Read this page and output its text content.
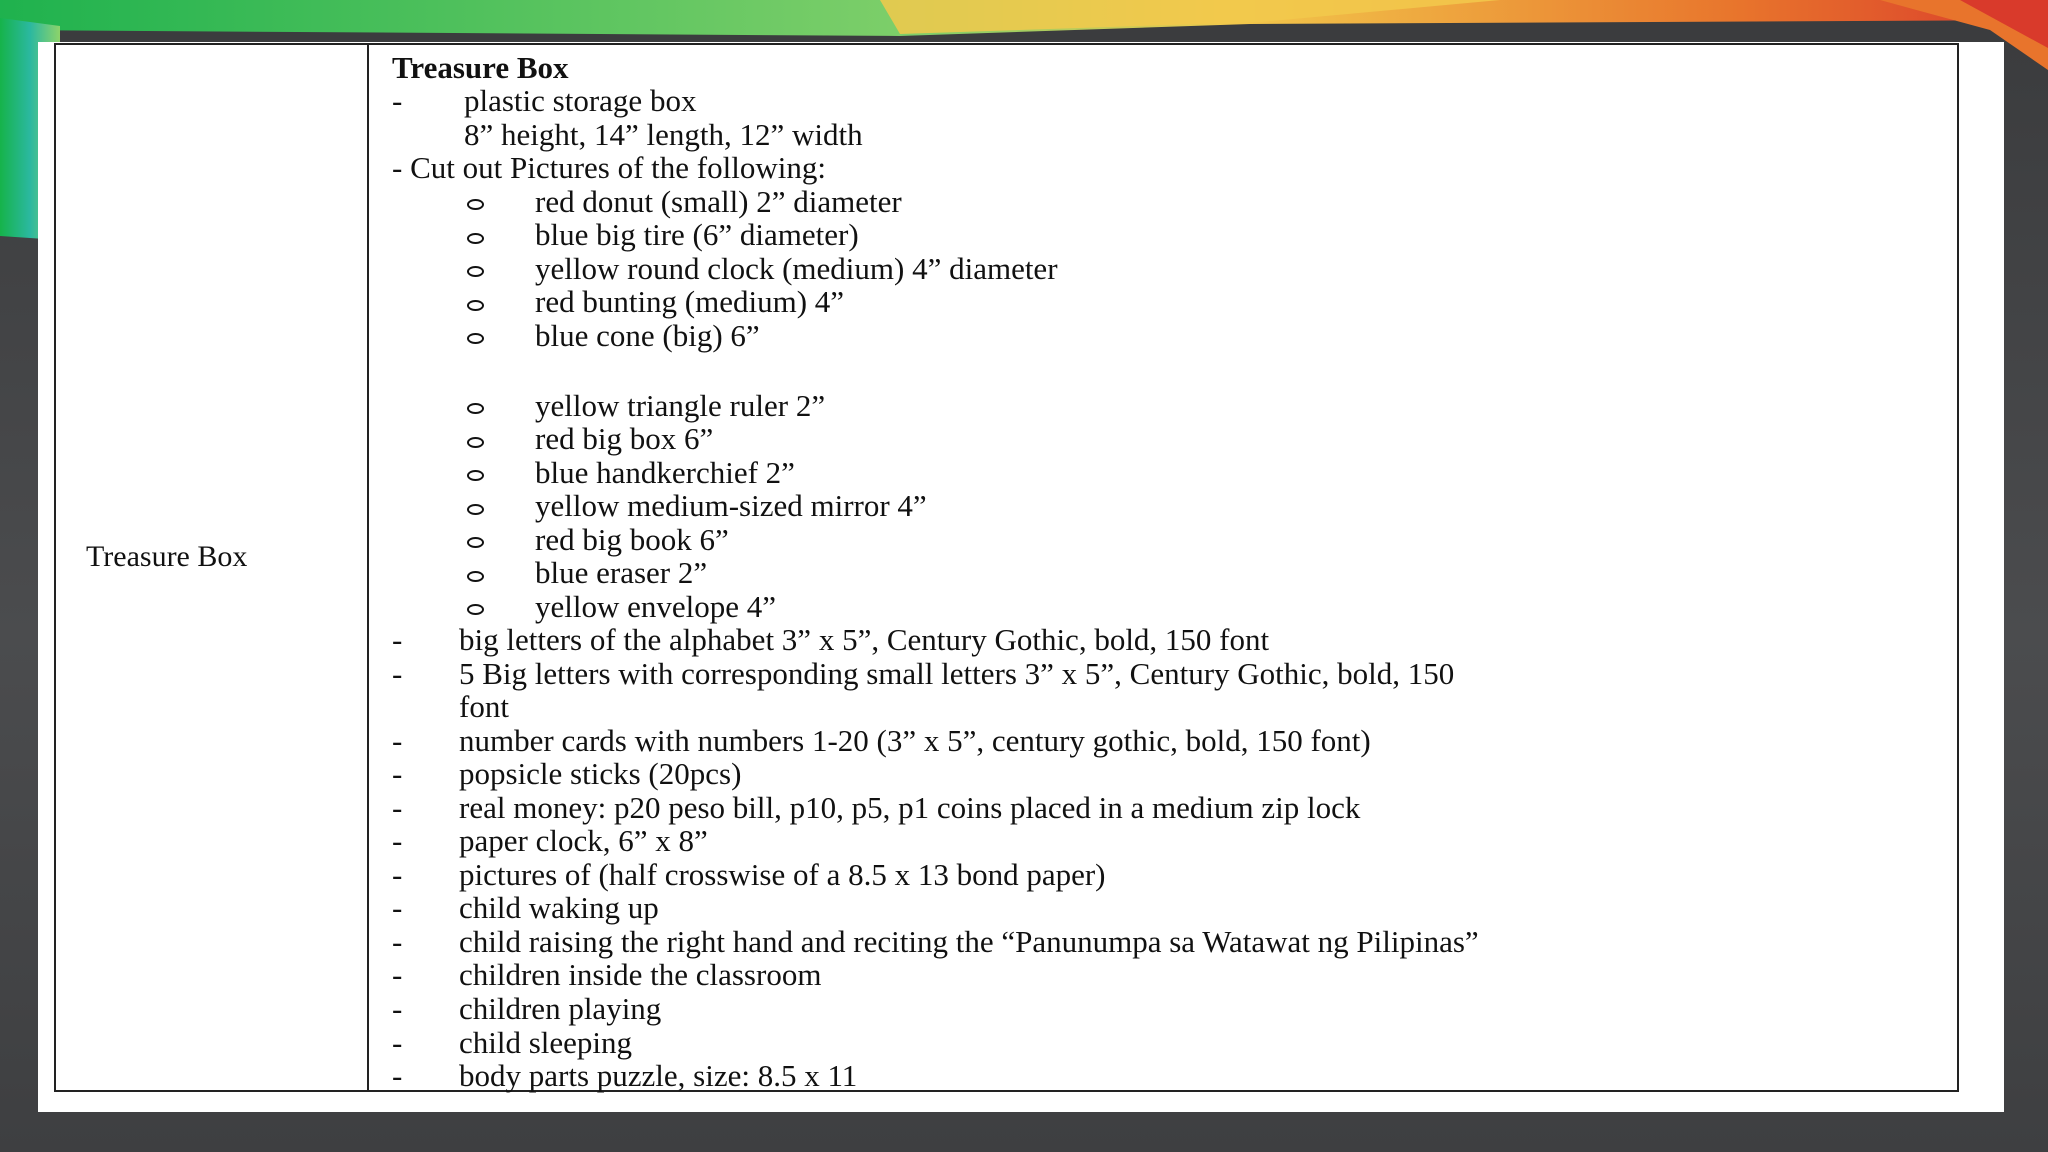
Treasure Box
Treasure Box
- plastic storage box
8” height, 14” length, 12” width
- Cut out Pictures of the following:
red donut (small) 2” diameter
blue big tire (6” diameter)
yellow round clock (medium) 4” diameter
red bunting (medium) 4”
blue cone (big) 6”
yellow triangle ruler 2”
red big box 6”
blue handkerchief 2”
yellow medium-sized mirror 4”
red big book 6”
blue eraser 2”
yellow envelope 4”
- big letters of the alphabet 3” x 5”, Century Gothic, bold, 150 font
- 5 Big letters with corresponding small letters 3” x 5”, Century Gothic, bold, 150
font
- number cards with numbers 1-20 (3” x 5”, century gothic, bold, 150 font)
- popsicle sticks (20pcs)
- real money: p20 peso bill, p10, p5, p1 coins placed in a medium zip lock
- paper clock, 6” x 8”
- pictures of (half crosswise of a 8.5 x 13 bond paper)
- child waking up
- child raising the right hand and reciting the “Panunumpa sa Watawat ng Pilipinas”
- children inside the classroom
- children playing
- child sleeping
- body parts puzzle, size: 8.5 x 11
